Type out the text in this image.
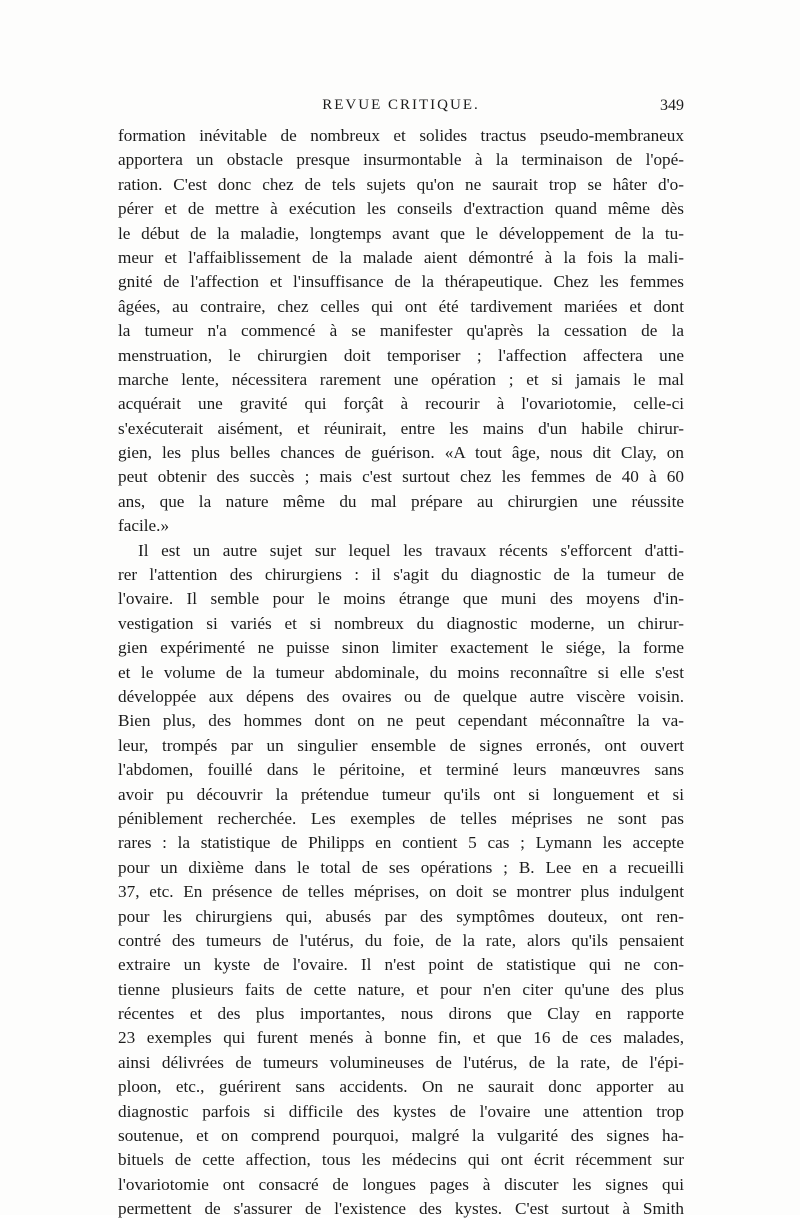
REVUE CRITIQUE.	349
formation inévitable de nombreux et solides tractus pseudo-membraneux
apportera un obstacle presque insurmontable à la terminaison de l'opé-
ration. C'est donc chez de tels sujets qu'on ne saurait trop se hâter d'o-
pérer et de mettre à exécution les conseils d'extraction quand même dès
le début de la maladie, longtemps avant que le développement de la tu-
meur et l'affaiblissement de la malade aient démontré à la fois la mali-
gnité de l'affection et l'insuffisance de la thérapeutique. Chez les femmes
âgées, au contraire, chez celles qui ont été tardivement mariées et dont
la tumeur n'a commencé à se manifester qu'après la cessation de la
menstruation, le chirurgien doit temporiser ; l'affection affectera une
marche lente, nécessitera rarement une opération ; et si jamais le mal
acquérait une gravité qui forçât à recourir à l'ovariotomie, celle-ci
s'exécuterait aisément, et réunirait, entre les mains d'un habile chirur-
gien, les plus belles chances de guérison. «A tout âge, nous dit Clay, on
peut obtenir des succès ; mais c'est surtout chez les femmes de 40 à 60
ans, que la nature même du mal prépare au chirurgien une réussite
facile.»
Il est un autre sujet sur lequel les travaux récents s'efforcent d'atti-
rer l'attention des chirurgiens : il s'agit du diagnostic de la tumeur de
l'ovaire. Il semble pour le moins étrange que muni des moyens d'in-
vestigation si variés et si nombreux du diagnostic moderne, un chirur-
gien expérimenté ne puisse sinon limiter exactement le siége, la forme
et le volume de la tumeur abdominale, du moins reconnaître si elle s'est
développée aux dépens des ovaires ou de quelque autre viscère voisin.
Bien plus, des hommes dont on ne peut cependant méconnaître la va-
leur, trompés par un singulier ensemble de signes erronés, ont ouvert
l'abdomen, fouillé dans le péritoine, et terminé leurs manœuvres sans
avoir pu découvrir la prétendue tumeur qu'ils ont si longuement et si
péniblement recherchée. Les exemples de telles méprises ne sont pas
rares : la statistique de Philipps en contient 5 cas ; Lymann les accepte
pour un dixième dans le total de ses opérations ; B. Lee en a recueilli
37, etc. En présence de telles méprises, on doit se montrer plus indulgent
pour les chirurgiens qui, abusés par des symptômes douteux, ont ren-
contré des tumeurs de l'utérus, du foie, de la rate, alors qu'ils pensaient
extraire un kyste de l'ovaire. Il n'est point de statistique qui ne con-
tienne plusieurs faits de cette nature, et pour n'en citer qu'une des plus
récentes et des plus importantes, nous dirons que Clay en rapporte
23 exemples qui furent menés à bonne fin, et que 16 de ces malades,
ainsi délivrées de tumeurs volumineuses de l'utérus, de la rate, de l'épi-
ploon, etc., guérirent sans accidents. On ne saurait donc apporter au
diagnostic parfois si difficile des kystes de l'ovaire une attention trop
soutenue, et on comprend pourquoi, malgré la vulgarité des signes ha-
bituels de cette affection, tous les médecins qui ont écrit récemment sur
l'ovariotomie ont consacré de longues pages à discuter les signes qui
permettent de s'assurer de l'existence des kystes. C'est surtout à Smith
